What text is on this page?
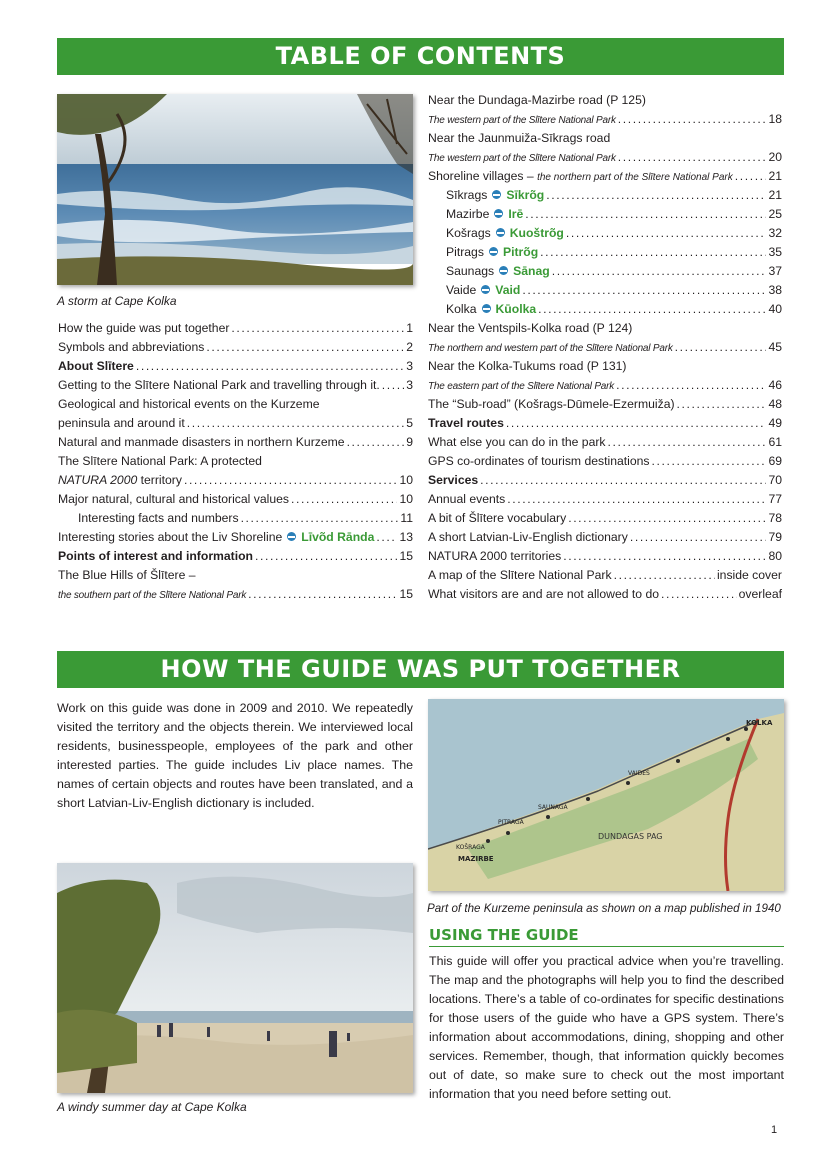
TABLE OF CONTENTS
A storm at Cape Kolka
How the guide was put together .....	1
Symbols and abbreviations .....	2
About Slītere .....	3
Getting to the Slītere National Park and travelling through it. ..... 3
Geological and historical events on the Kurzeme
peninsula and around it .....	5
Natural and manmade disasters in northern Kurzeme .....	9
The Slītere National Park: A protected
NATURA 2000 territory .....	10
Major natural, cultural and historical values .....	10
Interesting facts and numbers .....	11
Interesting stories about the Liv Shoreline Līvõd Rānda ..... 13
Points of interest and information .....	15
The Blue Hills of Šlītere –
the southern part of the Slītere National Park .....	15
Near the Dundaga-Mazirbe road (P 125)
The western part of the Slītere National Park .....	18
Near the Jaunmuiža-Sīkrags road
The western part of the Slītere National Park .....	20
Shoreline villages – the northern part of the Slītere National Park .....	21
Sīkrags Sīkrõg .....	21
Mazirbe Irē .....	25
Košrags Kuoštrõg .....	32
Pitrags Pitrõg .....	35
Saunags Sānag .....	37
Vaide Vaid .....	38
Kolka Kūolka .....	40
Near the Ventspils-Kolka road (P 124)
The northern and western part of the Slītere National Park .....	45
Near the Kolka-Tukums road (P 131)
The eastern part of the Slītere National Park .....	46
The “Sub-road” (Košrags-Dūmele-Ezermuiža) .....	48
Travel routes .....	49
What else you can do in the park .....	61
GPS co-ordinates of tourism destinations .....	69
Services .....	70
Annual events .....	77
A bit of Šlītere vocabulary .....	78
A short Latvian-Liv-English dictionary .....	79
NATURA 2000 territories .....	80
A map of the Slītere National Park .....	inside cover
What visitors are and are not allowed to do .....	overleaf
HOW THE GUIDE WAS PUT TOGETHER
Work on this guide was done in 2009 and 2010. We repeatedly visited the territory and the objects therein. We interviewed local residents, businesspeople, employees of the park and other interested parties. The guide includes Liv place names. The names of certain objects and routes have been translated, and a short Latvian-Liv-English dictionary is included.
KOLKA
MAZIRBE
DUNDAGAS PAG
PITRAGA
SAUNAGA
VAIDES
KOŠRAGA
Part of the Kurzeme peninsula as shown on a map published in 1940
A windy summer day at Cape Kolka
USING THE GUIDE
This guide will offer you practical advice when you’re travelling. The map and the photographs will help you to find the described locations. There’s a table of co-ordinates for specific destinations for those users of the guide who have a GPS system. There’s information about accommodations, dining, shopping and other services. Remember, though, that information quickly becomes out of date, so make sure to check out the most important information that you need before setting out.
1
